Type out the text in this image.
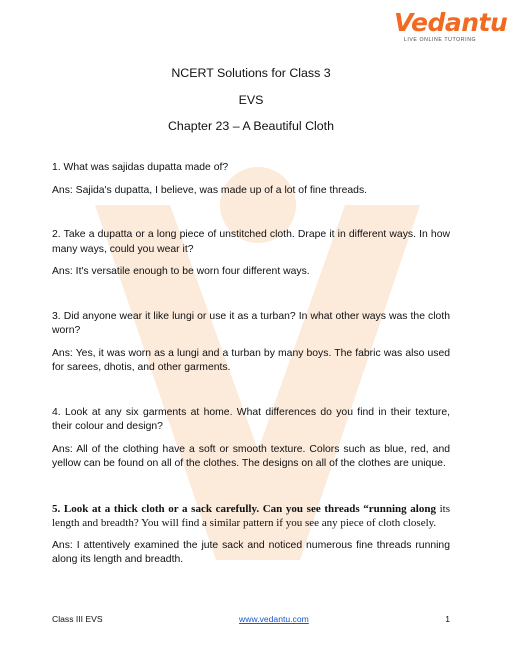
Vedantu
LIVE ONLINE TUTORING
NCERT Solutions for Class 3
EVS
Chapter 23 – A Beautiful Cloth

1. What was sajidas dupatta made of?

Ans: Sajida's dupatta, I believe, was made up of a lot of fine threads.

2. Take a dupatta or a long piece of unstitched cloth. Drape it in different ways. In how many ways, could you wear it?

Ans: It's versatile enough to be worn four different ways.

3. Did anyone wear it like lungi or use it as a turban? In what other ways was the cloth worn?

Ans: Yes, it was worn as a lungi and a turban by many boys. The fabric was also used for sarees, dhotis, and other garments.

4. Look at any six garments at home. What differences do you find in their texture, their colour and design?

Ans: All of the clothing have a soft or smooth texture. Colors such as blue, red, and yellow can be found on all of the clothes. The designs on all of the clothes are unique.

5. Look at a thick cloth or a sack carefully. Can you see threads “running along its length and breadth? You will find a similar pattern if you see any piece of cloth closely.

Ans: I attentively examined the jute sack and noticed numerous fine threads running along its length and breadth.

Class III EVS	www.vedantu.com	1
